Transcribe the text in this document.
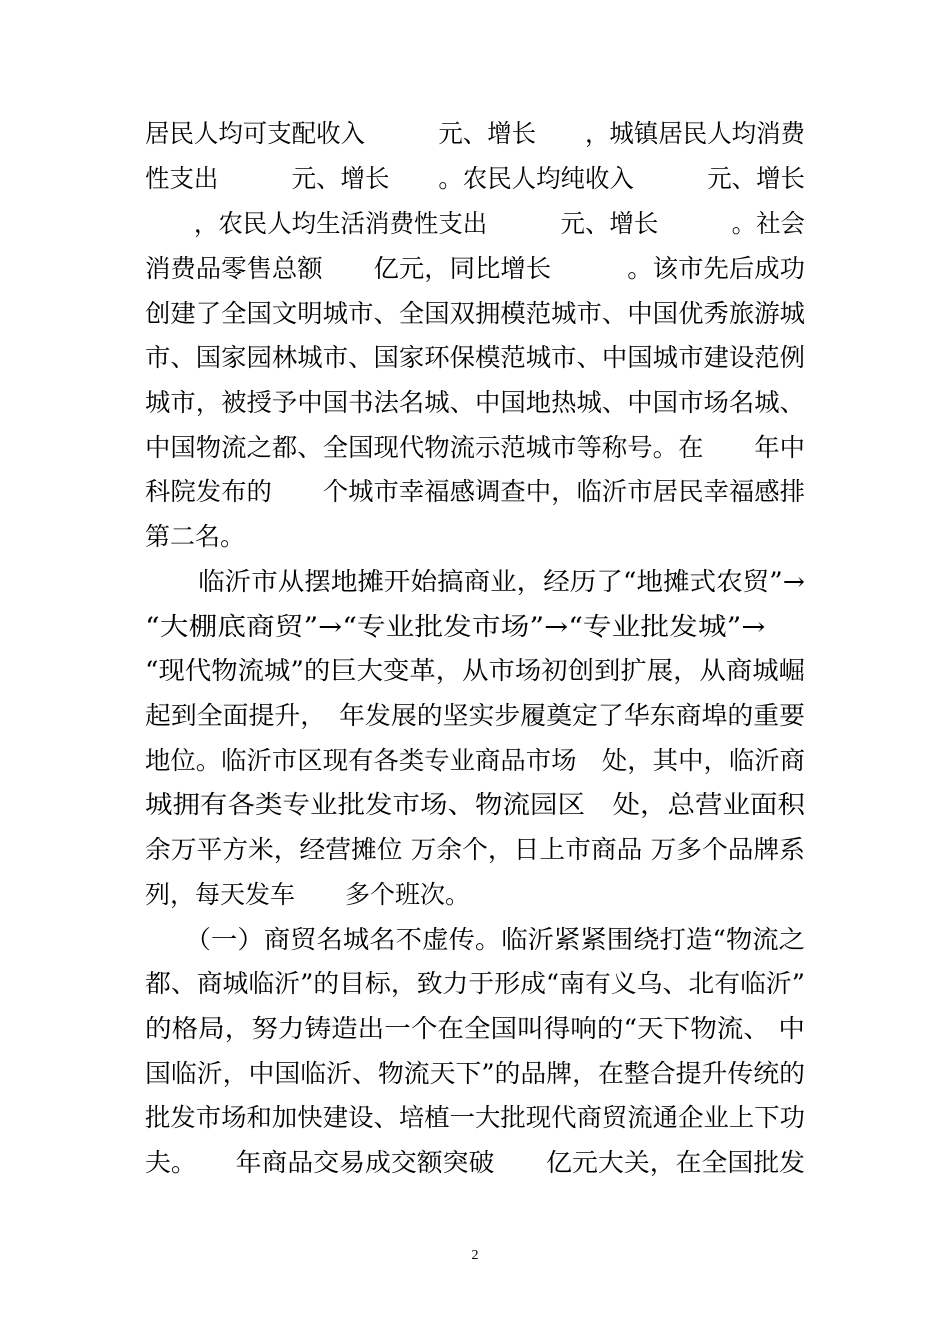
居民人均可支配收入　　　元、增长　　，城镇居民人均消费
性支出　　　元、增长　　。农民人均纯收入　　　元、增长
　　，农民人均生活消费性支出　　　元、增长　　　。社会
消费品零售总额　　亿元，同比增长　　　。该市先后成功
创建了全国文明城市、全国双拥模范城市、中国优秀旅游城
市、国家园林城市、国家环保模范城市、中国城市建设范例
城市，被授予中国书法名城、中国地热城、中国市场名城、
中国物流之都、全国现代物流示范城市等称号。在　　年中
科院发布的　　个城市幸福感调查中，临沂市居民幸福感排
第二名。
　　临沂市从摆地摊开始搞商业，经历了“地摊式农贸”→
“大棚底商贸”→“专业批发市场”→“专业批发城”→
“现代物流城”的巨大变革，从市场初创到扩展，从商城崛
起到全面提升，　年发展的坚实步履奠定了华东商埠的重要
地位。临沂市区现有各类专业商品市场　处，其中，临沂商
城拥有各类专业批发市场、物流园区　处，总营业面积
余万平方米，经营摊位 万余个，日上市商品 万多个品牌系
列，每天发车　　多个班次。
　　（一）商贸名城名不虚传。临沂紧紧围绕打造“物流之
都、商城临沂”的目标，致力于形成“南有义乌、北有临沂”
的格局，努力铸造出一个在全国叫得响的“天下物流、 中
国临沂，中国临沂、物流天下”的品牌，在整合提升传统的
批发市场和加快建设、培植一大批现代商贸流通企业上下功
夫。　　年商品交易成交额突破　　亿元大关，在全国批发
2
